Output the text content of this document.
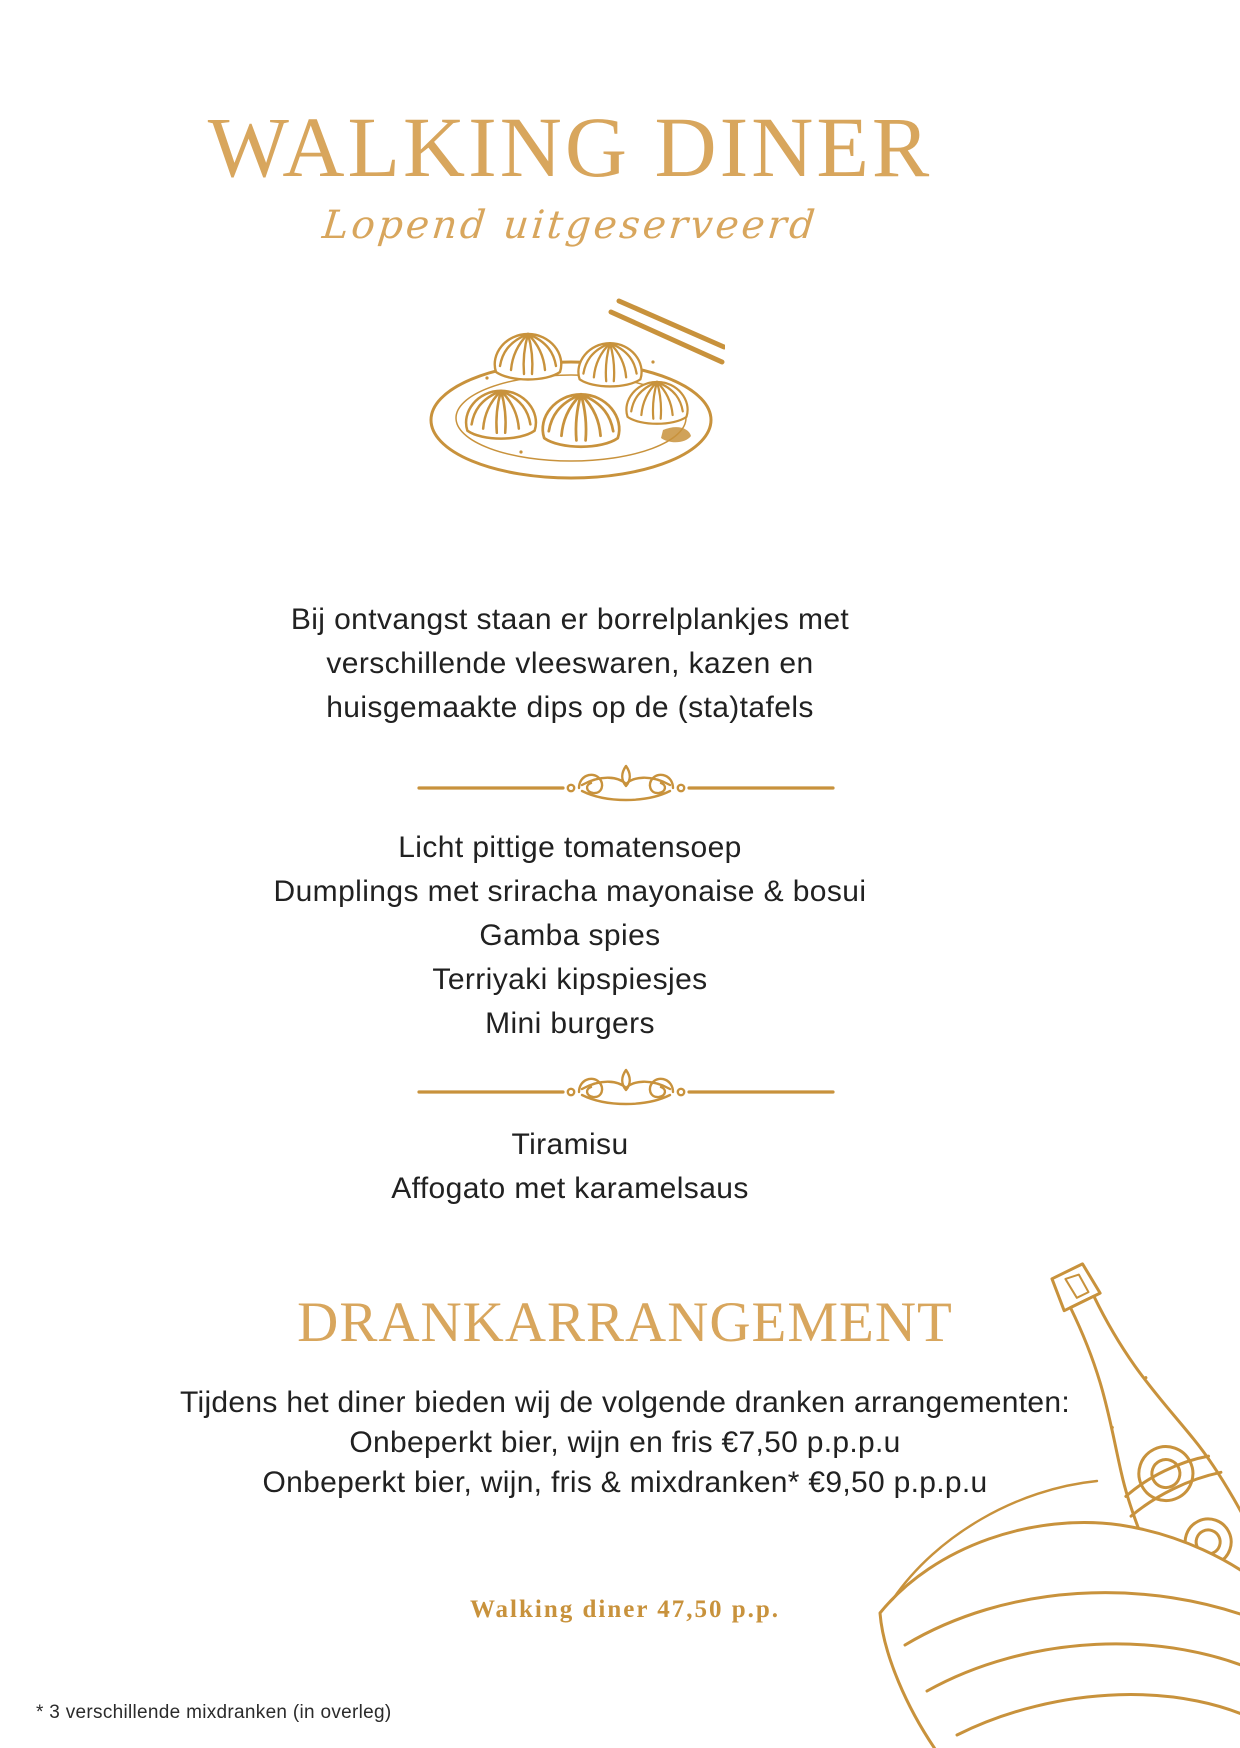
WALKING DINER
Lopend uitgeserveerd

Bij ontvangst staan er borrelplankjes met

verschillende vleeswaren, kazen en

huisgemaakte dips op de (sta)tafels

Licht pittige tomatensoep

Dumplings met sriracha mayonaise & bosui

Gamba spies

Terriyaki kipspiesjes

Mini burgers

Tiramisu

Affogato met karamelsaus

DRANKARRANGEMENT

Tijdens het diner bieden wij de volgende dranken arrangementen:

Onbeperkt bier, wijn en fris €7,50 p.p.p.u

Onbeperkt bier, wijn, fris & mixdranken* €9,50 p.p.p.u

Walking diner 47,50 p.p.

* 3 verschillende mixdranken (in overleg)
